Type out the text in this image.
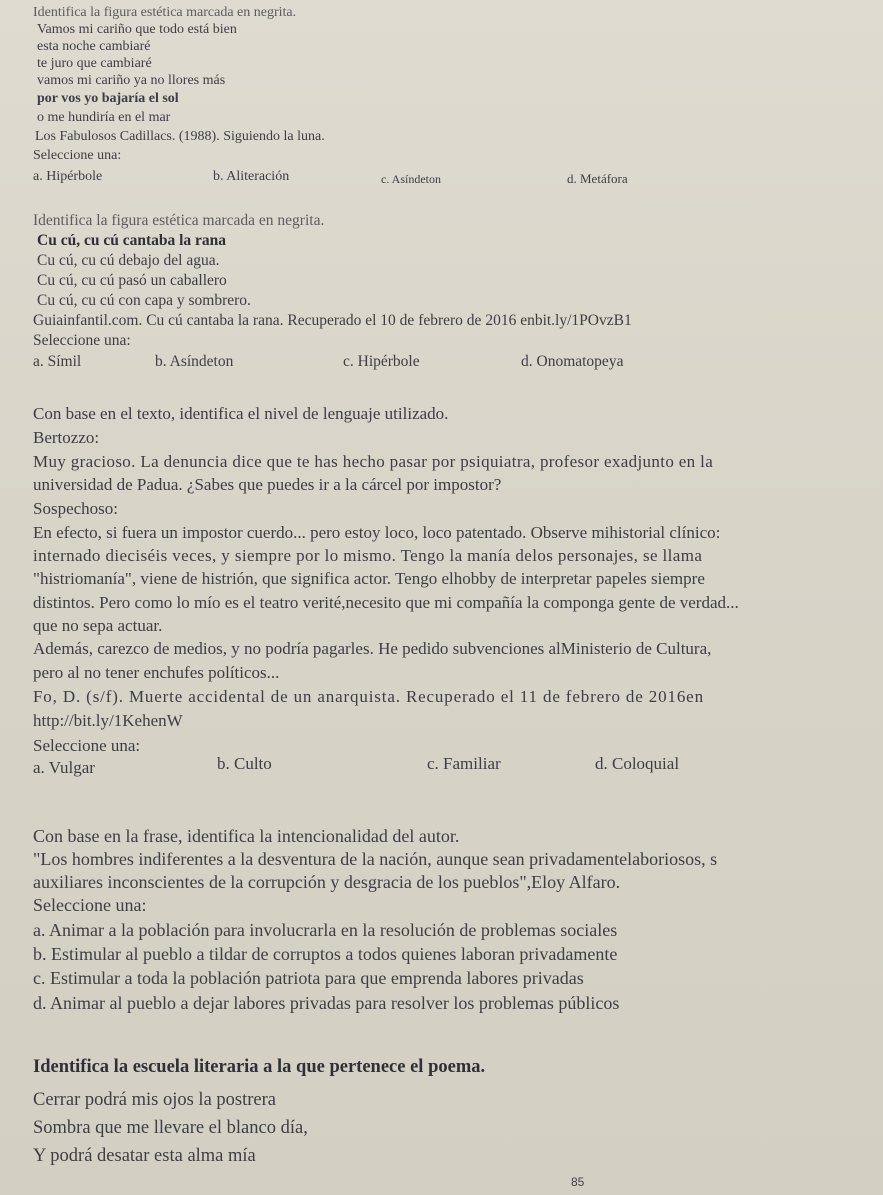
Identifica la figura estética marcada en negrita.
Vamos mi cariño que todo está bien
esta noche cambiaré
te juro que cambiaré
vamos mi cariño ya no llores más
por vos yo bajaría el sol
o me hundiría en el mar
Los Fabulosos Cadillacs. (1988). Siguiendo la luna.
Seleccione una:
a. Hipérbole	b. Aliteración	c. Asíndeton	d. Metáfora
Identifica la figura estética marcada en negrita.
Cu cú, cu cú cantaba la rana
Cu cú, cu cú debajo del agua.
Cu cú, cu cú pasó un caballero
Cu cú, cu cú con capa y sombrero.
Guiainfantil.com. Cu cú cantaba la rana. Recuperado el 10 de febrero de 2016 enbit.ly/1POvzB1
Seleccione una:
a. Símil	b. Asíndeton	c. Hipérbole	d. Onomatopeya
Con base en el texto, identifica el nivel de lenguaje utilizado.
Bertozzo:
Muy gracioso. La denuncia dice que te has hecho pasar por psiquiatra, profesor exadjunto en la
universidad de Padua. ¿Sabes que puedes ir a la cárcel por impostor?
Sospechoso:
En efecto, si fuera un impostor cuerdo... pero estoy loco, loco patentado. Observe mihistorial clínico:
internado dieciséis veces, y siempre por lo mismo. Tengo la manía delos personajes, se llama
"histriomanía", viene de histrión, que significa actor. Tengo elhobby de interpretar papeles siempre
distintos. Pero como lo mío es el teatro verité,necesito que mi compañía la componga gente de verdad...
que no sepa actuar.
Además, carezco de medios, y no podría pagarles. He pedido subvenciones alMinisterio de Cultura,
pero al no tener enchufes políticos...
Fo, D. (s/f). Muerte accidental de un anarquista. Recuperado el 11 de febrero de 2016en
http://bit.ly/1KehenW
Seleccione una:
a. Vulgar	b. Culto	c. Familiar	d. Coloquial
Con base en la frase, identifica la intencionalidad del autor.
"Los hombres indiferentes a la desventura de la nación, aunque sean privadamentelaboriosos, s
auxiliares inconscientes de la corrupción y desgracia de los pueblos",Eloy Alfaro.
Seleccione una:
a. Animar a la población para involucrarla en la resolución de problemas sociales
b. Estimular al pueblo a tildar de corruptos a todos quienes laboran privadamente
c. Estimular a toda la población patriota para que emprenda labores privadas
d. Animar al pueblo a dejar labores privadas para resolver los problemas públicos
Identifica la escuela literaria a la que pertenece el poema.
Cerrar podrá mis ojos la postrera
Sombra que me llevare el blanco día,
Y podrá desatar esta alma mía
85
